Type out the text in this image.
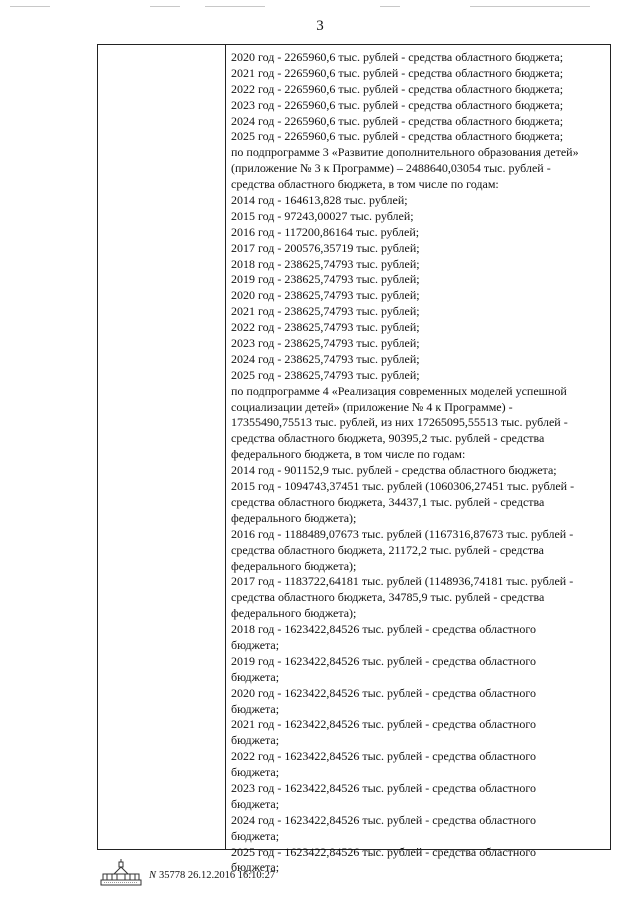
3
2020 год - 2265960,6 тыс. рублей - средства областного бюджета;
2021 год - 2265960,6 тыс. рублей - средства областного бюджета;
2022 год - 2265960,6 тыс. рублей - средства областного бюджета;
2023 год - 2265960,6 тыс. рублей - средства областного бюджета;
2024 год - 2265960,6 тыс. рублей - средства областного бюджета;
2025 год - 2265960,6 тыс. рублей - средства областного бюджета;
по подпрограмме 3 «Развитие дополнительного образования детей»
(приложение № 3 к Программе) – 2488640,03054 тыс. рублей -
средства областного бюджета, в том числе по годам:
2014 год - 164613,828 тыс. рублей;
2015 год - 97243,00027 тыс. рублей;
2016 год - 117200,86164 тыс. рублей;
2017 год - 200576,35719 тыс. рублей;
2018 год - 238625,74793 тыс. рублей;
2019 год - 238625,74793 тыс. рублей;
2020 год - 238625,74793 тыс. рублей;
2021 год - 238625,74793 тыс. рублей;
2022 год - 238625,74793 тыс. рублей;
2023 год - 238625,74793 тыс. рублей;
2024 год - 238625,74793 тыс. рублей;
2025 год - 238625,74793 тыс. рублей;
по подпрограмме 4 «Реализация современных моделей успешной
социализации детей» (приложение № 4 к Программе) -
17355490,75513 тыс. рублей, из них 17265095,55513 тыс. рублей -
средства областного бюджета, 90395,2 тыс. рублей - средства
федерального бюджета, в том числе по годам:
2014 год - 901152,9 тыс. рублей - средства областного бюджета;
2015 год - 1094743,37451 тыс. рублей (1060306,27451 тыс. рублей -
средства областного бюджета, 34437,1 тыс. рублей - средства
федерального бюджета);
2016 год - 1188489,07673 тыс. рублей (1167316,87673 тыс. рублей -
средства областного бюджета, 21172,2 тыс. рублей - средства
федерального бюджета);
2017 год - 1183722,64181 тыс. рублей (1148936,74181 тыс. рублей -
средства областного бюджета, 34785,9 тыс. рублей - средства
федерального бюджета);
2018 год - 1623422,84526 тыс. рублей - средства областного
бюджета;
2019 год - 1623422,84526 тыс. рублей - средства областного
бюджета;
2020 год - 1623422,84526 тыс. рублей - средства областного
бюджета;
2021 год - 1623422,84526 тыс. рублей - средства областного
бюджета;
2022 год - 1623422,84526 тыс. рублей - средства областного
бюджета;
2023 год - 1623422,84526 тыс. рублей - средства областного
бюджета;
2024 год - 1623422,84526 тыс. рублей - средства областного
бюджета;
2025 год - 1623422,84526 тыс. рублей - средства областного
бюджета;
N 35778 26.12.2016 16:10:27
